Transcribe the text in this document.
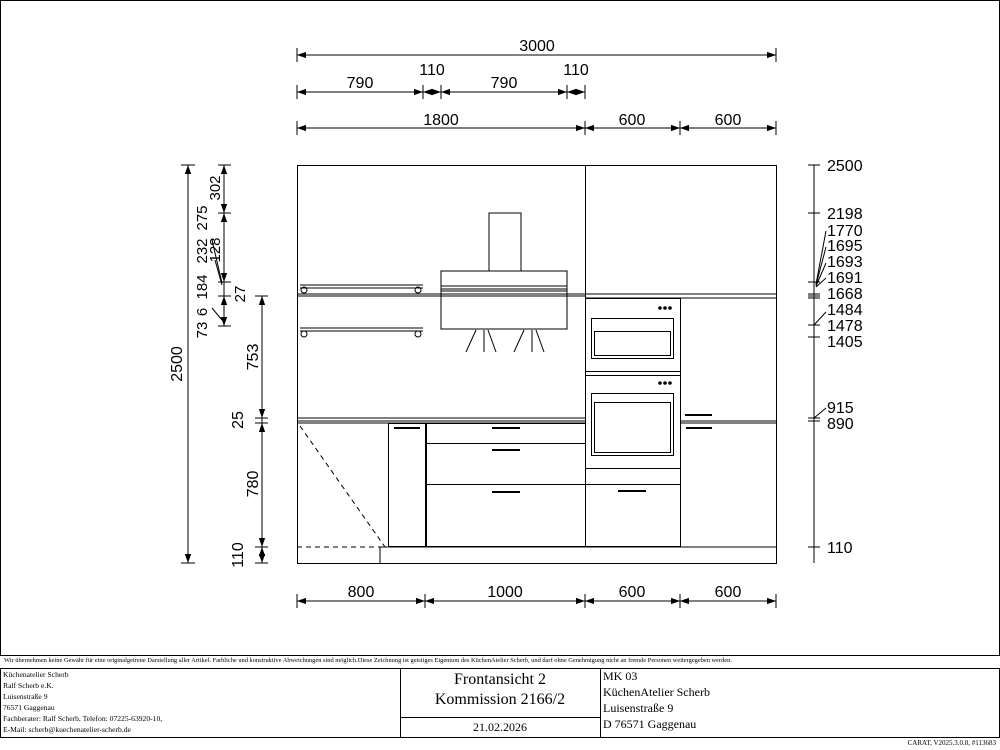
3000
790
110
790
110
1800	600	600
2500
2198
1770
1695
1693
1691
1668
1484
1478
1405
915
890
110
2500	753
25
780
110
302
275
232
128
184 27
73
6
800	1000	600	600
Wir übernehmen keine Gewähr für eine originalgetreue Darstellung aller Artikel. Farbliche und konstruktive Abweichungen sind möglich.Diese Zeichnung ist geistiges Eigentum des KüchenAtelier Scherb, und darf ohne Genehmigung nicht an fremde Personen weitergegeben werden.
Küchenatelier Scherb
Ralf Scherb e.K.
Luisenstraße 9
76571 Gaggenau
Fachberater: Ralf Scherb, Telefon: 07225-63920-10,
E-Mail: scherb@kuechenatelier-scherb.de
Frontansicht 2
Kommission 2166/2
21.02.2026
MK 03
KüchenAtelier Scherb
Luisenstraße 9
D 76571 Gaggenau
CARAT, V2025.3.0.8, #113683
